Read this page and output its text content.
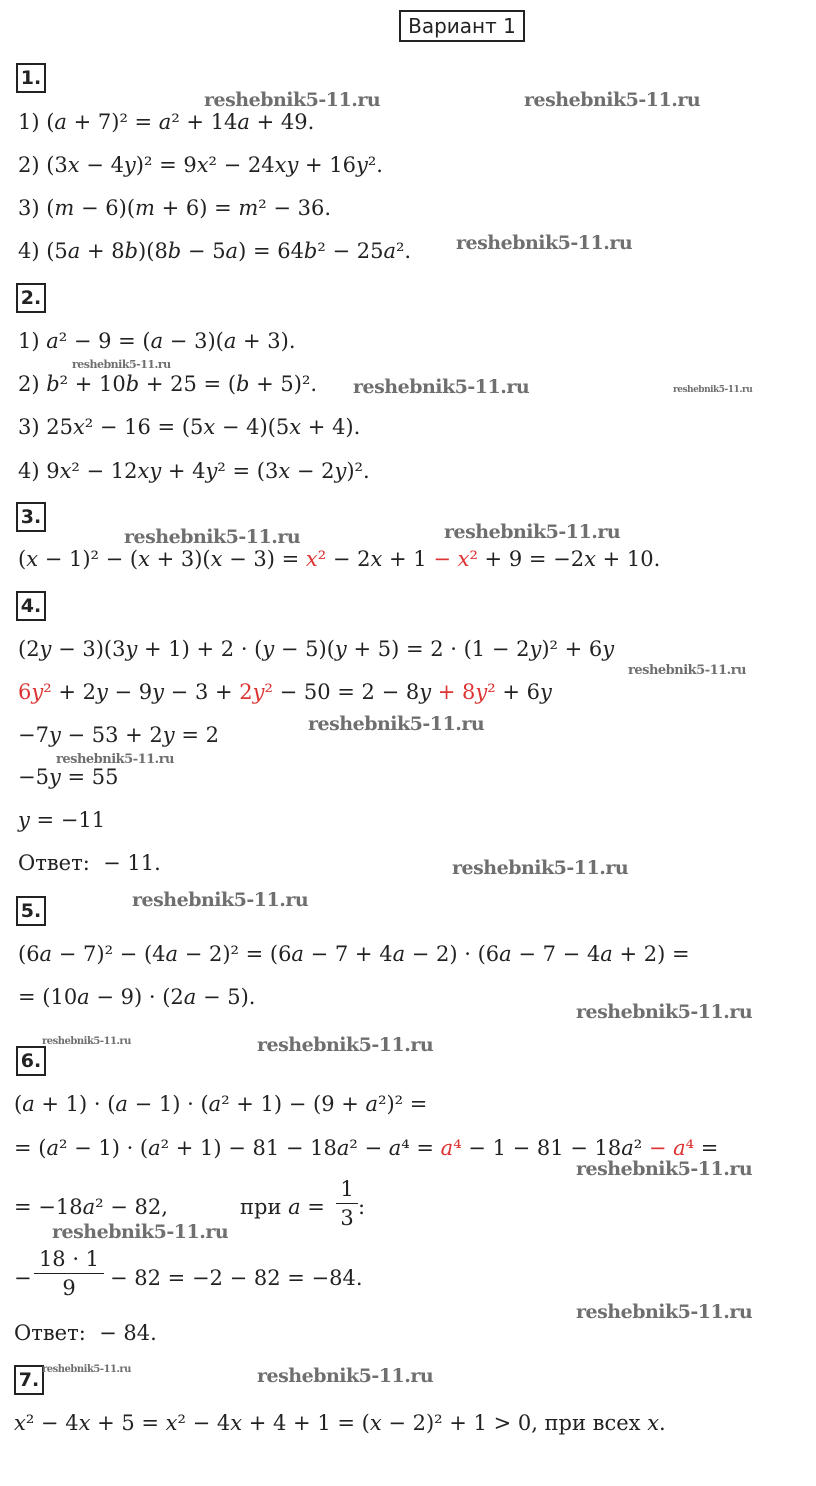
Вариант 1
1.
1) (𝑎 + 7)² = 𝑎² + 14𝑎 + 49.
2) (3𝑥 − 4𝑦)² = 9𝑥² − 24𝑥𝑦 + 16𝑦².
3) (𝑚 − 6)(𝑚 + 6) = 𝑚² − 36.
4) (5𝑎 + 8𝑏)(8𝑏 − 5𝑎) = 64𝑏² − 25𝑎².
2.
1) 𝑎² − 9 = (𝑎 − 3)(𝑎 + 3).
2) 𝑏² + 10𝑏 + 25 = (𝑏 + 5)².
3) 25𝑥² − 16 = (5𝑥 − 4)(5𝑥 + 4).
4) 9𝑥² − 12𝑥𝑦 + 4𝑦² = (3𝑥 − 2𝑦)².
3.
(𝑥 − 1)² − (𝑥 + 3)(𝑥 − 3) = 𝑥² − 2𝑥 + 1 − 𝑥² + 9 = −2𝑥 + 10.
4.
(2𝑦 − 3)(3𝑦 + 1) + 2 · (𝑦 − 5)(𝑦 + 5) = 2 · (1 − 2𝑦)² + 6𝑦
6𝑦² + 2𝑦 − 9𝑦 − 3 + 2𝑦² − 50 = 2 − 8𝑦 + 8𝑦² + 6𝑦
−7𝑦 − 53 + 2𝑦 = 2
−5𝑦 = 55
𝑦 = −11
Ответ:  − 11.
5.
(6𝑎 − 7)² − (4𝑎 − 2)² = (6𝑎 − 7 + 4𝑎 − 2) · (6𝑎 − 7 − 4𝑎 + 2) =
= (10𝑎 − 9) · (2𝑎 − 5).
6.
(𝑎 + 1) · (𝑎 − 1) · (𝑎² + 1) − (9 + 𝑎²)² =
= (𝑎² − 1) · (𝑎² + 1) − 81 − 18𝑎² − 𝑎⁴ = 𝑎⁴ − 1 − 81 − 18𝑎² − 𝑎⁴ =
= −18𝑎² − 82,	при 𝑎 =
1
3 :
−
18 · 1
9	− 82 = −2 − 82 = −84.
Ответ:  − 84.
7.
𝑥² − 4𝑥 + 5 = 𝑥² − 4𝑥 + 4 + 1 = (𝑥 − 2)² + 1 > 0, при всех 𝑥.
reshebnik5-11.ru	reshebnik5-11.ru
reshebnik5-11.ru
reshebnik5-11.ru
reshebnik5-11.ru	reshebnik5-11.ru
reshebnik5-11.ru	reshebnik5-11.ru
reshebnik5-11.ru
reshebnik5-11.ru
reshebnik5-11.ru
reshebnik5-11.ru
reshebnik5-11.ru
reshebnik5-11.ru
reshebnik5-11.ru	reshebnik5-11.ru
reshebnik5-11.ru
reshebnik5-11.ru
reshebnik5-11.ru
reshebnik5-11.ru	reshebnik5-11.ru
